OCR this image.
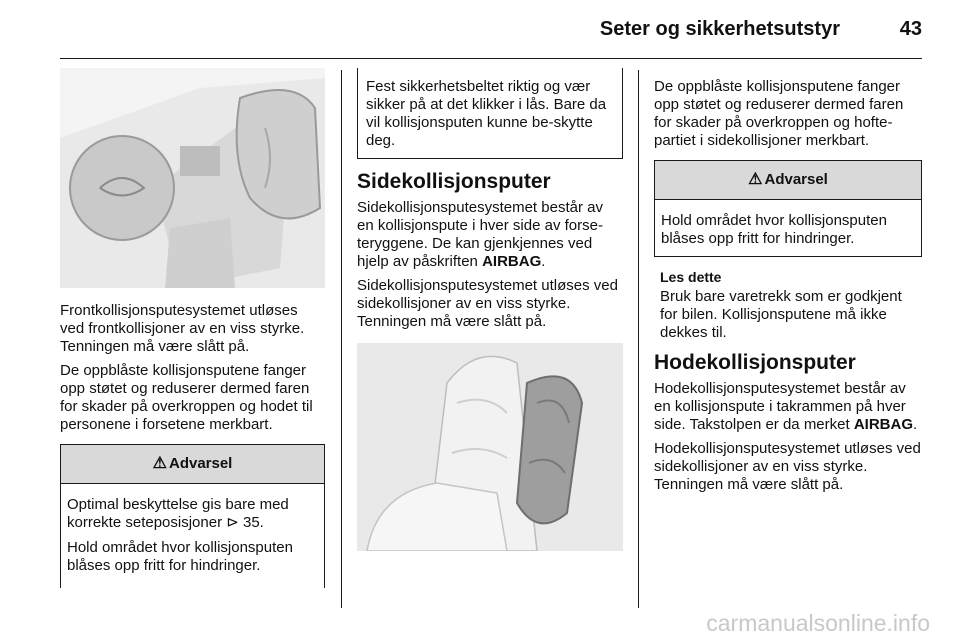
Seter og sikkerhetsutstyr	43

Frontkollisjonsputesystemet utløses ved frontkollisjoner av en viss styrke. Tenningen må være slått på.

De oppblåste kollisjonsputene fanger opp støtet og reduserer dermed faren for skader på overkroppen og hodet til personene i forsetene merkbart.

⚠ Advarsel

Optimal beskyttelse gis bare med korrekte seteposisjoner ⊳ 35.

Hold området hvor kollisjonsputen blåses opp fritt for hindringer.

Fest sikkerhetsbeltet riktig og vær sikker på at det klikker i lås. Bare da vil kollisjonsputen kunne be-skytte deg.
Sidekollisjonsputer

Sidekollisjonsputesystemet består av en kollisjonspute i hver side av forse-teryggene. De kan gjenkjennes ved hjelp av påskriften AIRBAG.

Sidekollisjonsputesystemet utløses ved sidekollisjoner av en viss styrke. Tenningen må være slått på.

De oppblåste kollisjonsputene fanger opp støtet og reduserer dermed faren for skader på overkroppen og hofte-partiet i sidekollisjoner merkbart.

⚠ Advarsel
Hold området hvor kollisjonsputen blåses opp fritt for hindringer.
Les dette

Bruk bare varetrekk som er godkjent for bilen. Kollisjonsputene må ikke dekkes til.

Hodekollisjonsputer

Hodekollisjonsputesystemet består av en kollisjonspute i takrammen på hver side. Takstolpen er da merket AIRBAG.

Hodekollisjonsputesystemet utløses ved sidekollisjoner av en viss styrke. Tenningen må være slått på.

carmanualsonline.info
